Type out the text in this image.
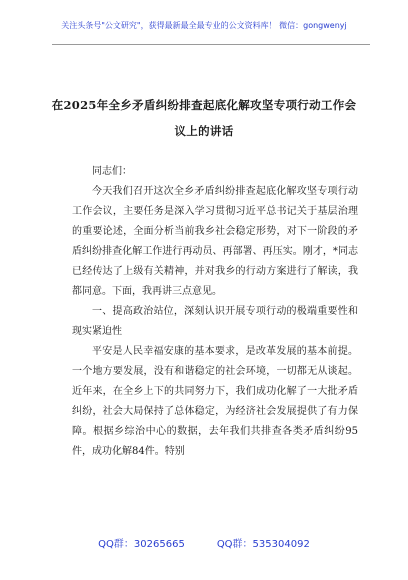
关注头条号"公文研究"，获得最新最全最专业的公文资料库！ 微信：gongwenyj
在2025年全乡矛盾纠纷排查起底化解攻坚专项行动工作会
议上的讲话

同志们：

今天我们召开这次全乡矛盾纠纷排查起底化解攻坚专项行动工作会议，主要任务是深入学习贯彻习近平总书记关于基层治理的重要论述，全面分析当前我乡社会稳定形势，对下一阶段的矛盾纠纷排查化解工作进行再动员、再部署、再压实。刚才，*同志已经传达了上级有关精神，并对我乡的行动方案进行了解读，我都同意。下面，我再讲三点意见。

一、提高政治站位，深刻认识开展专项行动的极端重要性和现实紧迫性

平安是人民幸福安康的基本要求，是改革发展的基本前提。一个地方要发展，没有和谐稳定的社会环境，一切都无从谈起。近年来，在全乡上下的共同努力下，我们成功化解了一大批矛盾纠纷，社会大局保持了总体稳定，为经济社会发展提供了有力保障。根据乡综治中心的数据，去年我们共排查各类矛盾纠纷95件，成功化解84件。特别

QQ群：30265665	QQ群：535304092
